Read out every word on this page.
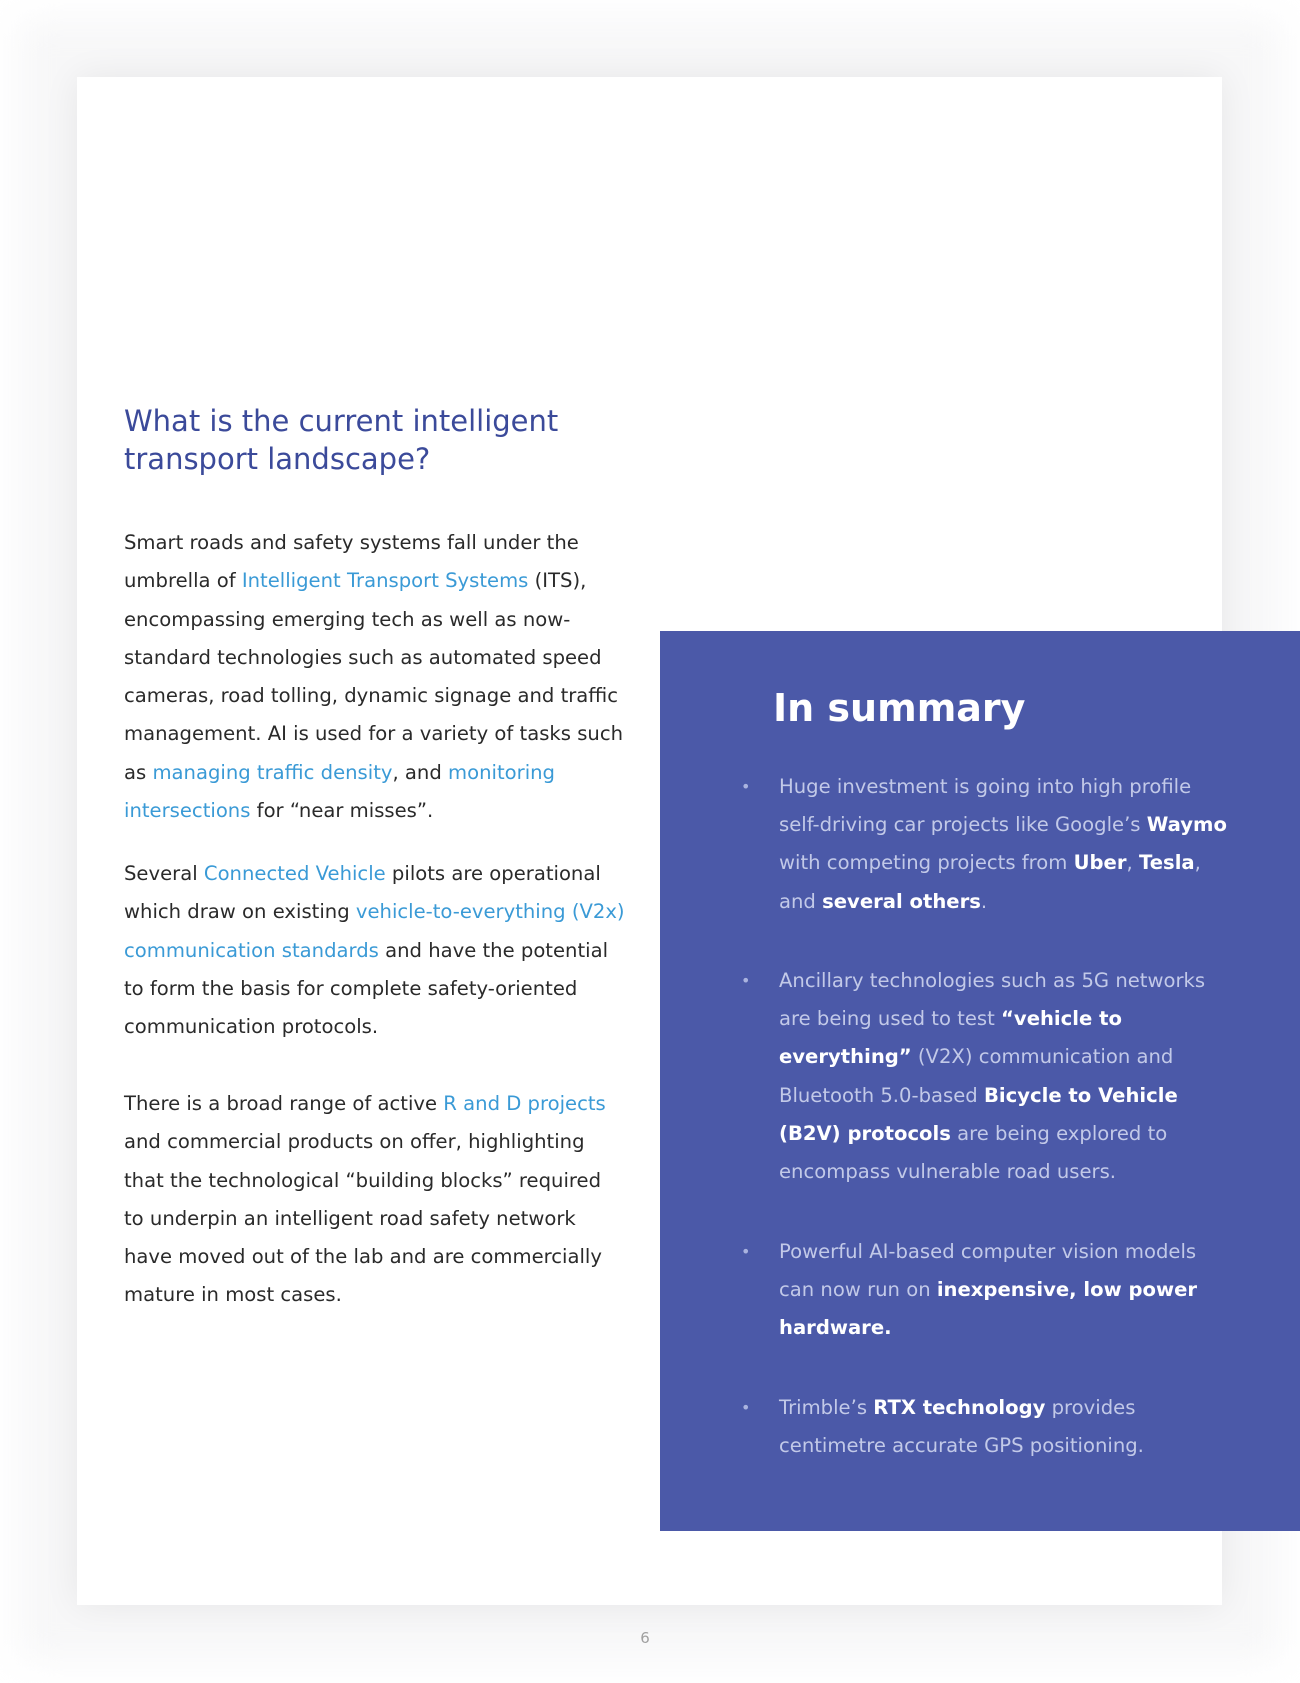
What is the current intelligent
transport landscape?

Smart roads and safety systems fall under the umbrella of Intelligent Transport Systems (ITS), encompassing emerging tech as well as now-standard technologies such as automated speed cameras, road tolling, dynamic signage and traffic management. AI is used for a variety of tasks such as managing traffic density, and monitoring intersections for “near misses”.

Several Connected Vehicle pilots are operational which draw on existing vehicle-to-everything (V2x) communication standards and have the potential to form the basis for complete safety-oriented communication protocols.

There is a broad range of active R and D projects and commercial products on offer, highlighting that the technological “building blocks” required to underpin an intelligent road safety network have moved out of the lab and are commercially mature in most cases.

In summary
• Huge investment is going into high profile self-driving car projects like Google’s Waymo with competing projects from Uber, Tesla, and several others.
• Ancillary technologies such as 5G networks are being used to test “vehicle to everything” (V2X) communication and Bluetooth 5.0-based Bicycle to Vehicle (B2V) protocols are being explored to encompass vulnerable road users.
• Powerful AI-based computer vision models can now run on inexpensive, low power hardware.
• Trimble’s RTX technology provides centimetre accurate GPS positioning.
6
